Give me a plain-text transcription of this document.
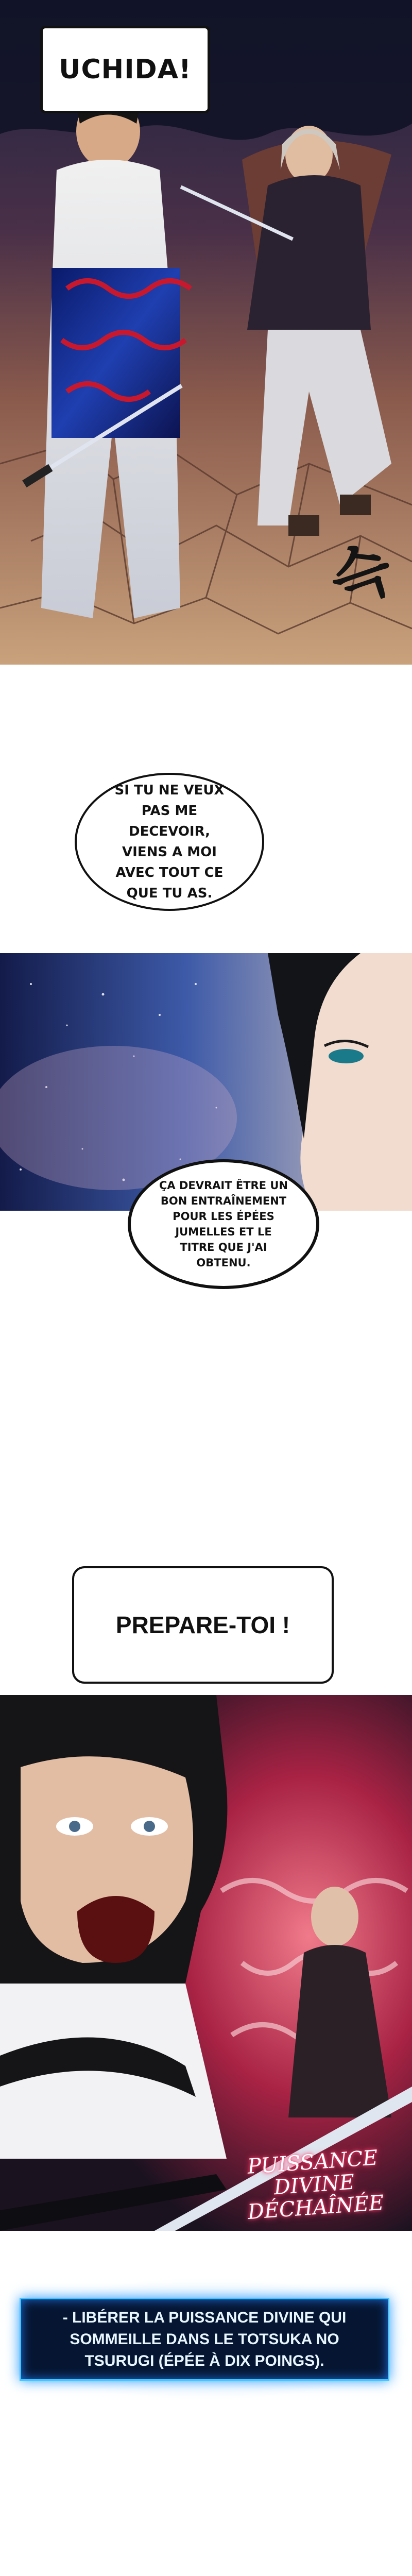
UCHIDA!
슥
SI TU NE VEUX PAS ME DECEVOIR, VIENS A MOI AVEC TOUT CE QUE TU AS.
ÇA DEVRAIT ÊTRE UN BON ENTRAÎNEMENT POUR LES ÉPÉES JUMELLES ET LE TITRE QUE J'AI OBTENU.
PREPARE-TOI !
PUISSANCE DIVINE
DÉCHAÎNÉE
- LIBÉRER LA PUISSANCE DIVINE QUI SOMMEILLE DANS LE TOTSUKA NO TSURUGI (ÉPÉE À DIX POINGS).
